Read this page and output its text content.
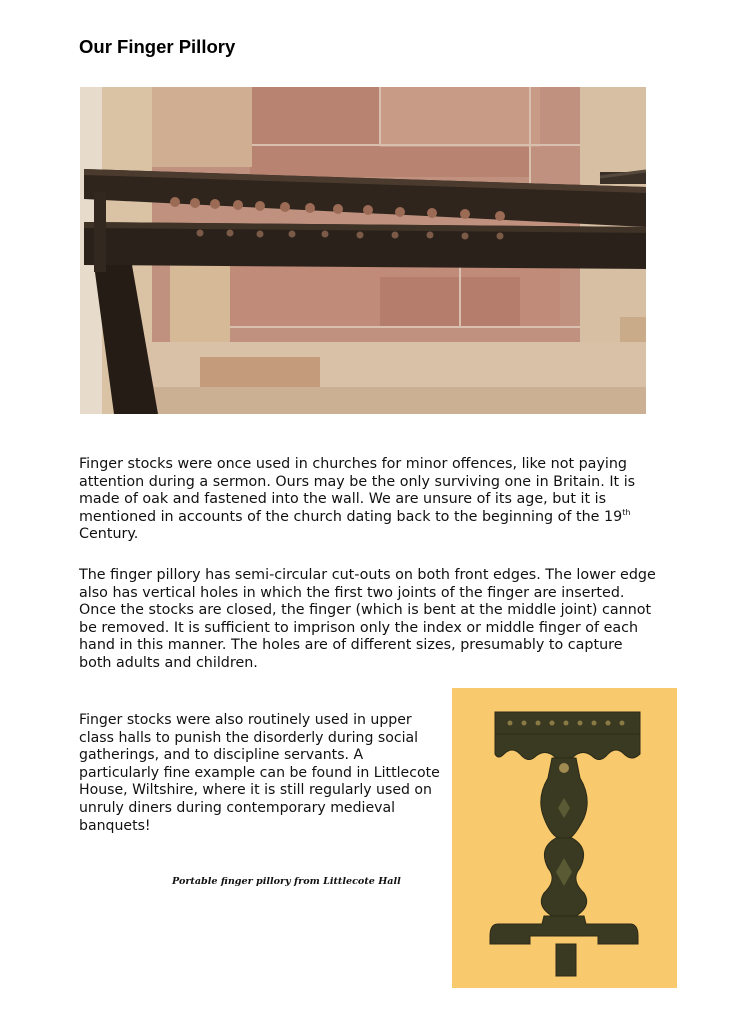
Our Finger Pillory

Finger stocks were once used in churches for minor offences, like not paying
attention during a sermon. Ours may be the only surviving one in Britain. It is
made of oak and fastened into the wall. We are unsure of its age, but it is
mentioned in accounts of the church dating back to the beginning of the 19th
Century.

The finger pillory has semi-circular cut-outs on both front edges. The lower edge
also has vertical holes in which the first two joints of the finger are inserted.
Once the stocks are closed, the finger (which is bent at the middle joint) cannot
be removed. It is sufficient to imprison only the index or middle finger of each
hand in this manner. The holes are of different sizes, presumably to capture
both adults and children.

Finger stocks were also routinely used in upper
class halls to punish the disorderly during social
gatherings, and to discipline servants. A
particularly fine example can be found in Littlecote
House, Wiltshire, where it is still regularly used on
unruly diners during contemporary medieval
banquets!

Portable finger pillory from Littlecote Hall
